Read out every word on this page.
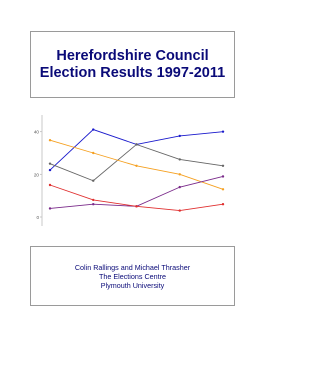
Herefordshire Council
Election Results 1997-2011
0
20
40
Colin Rallings and Michael Thrasher
The Elections Centre
Plymouth University
